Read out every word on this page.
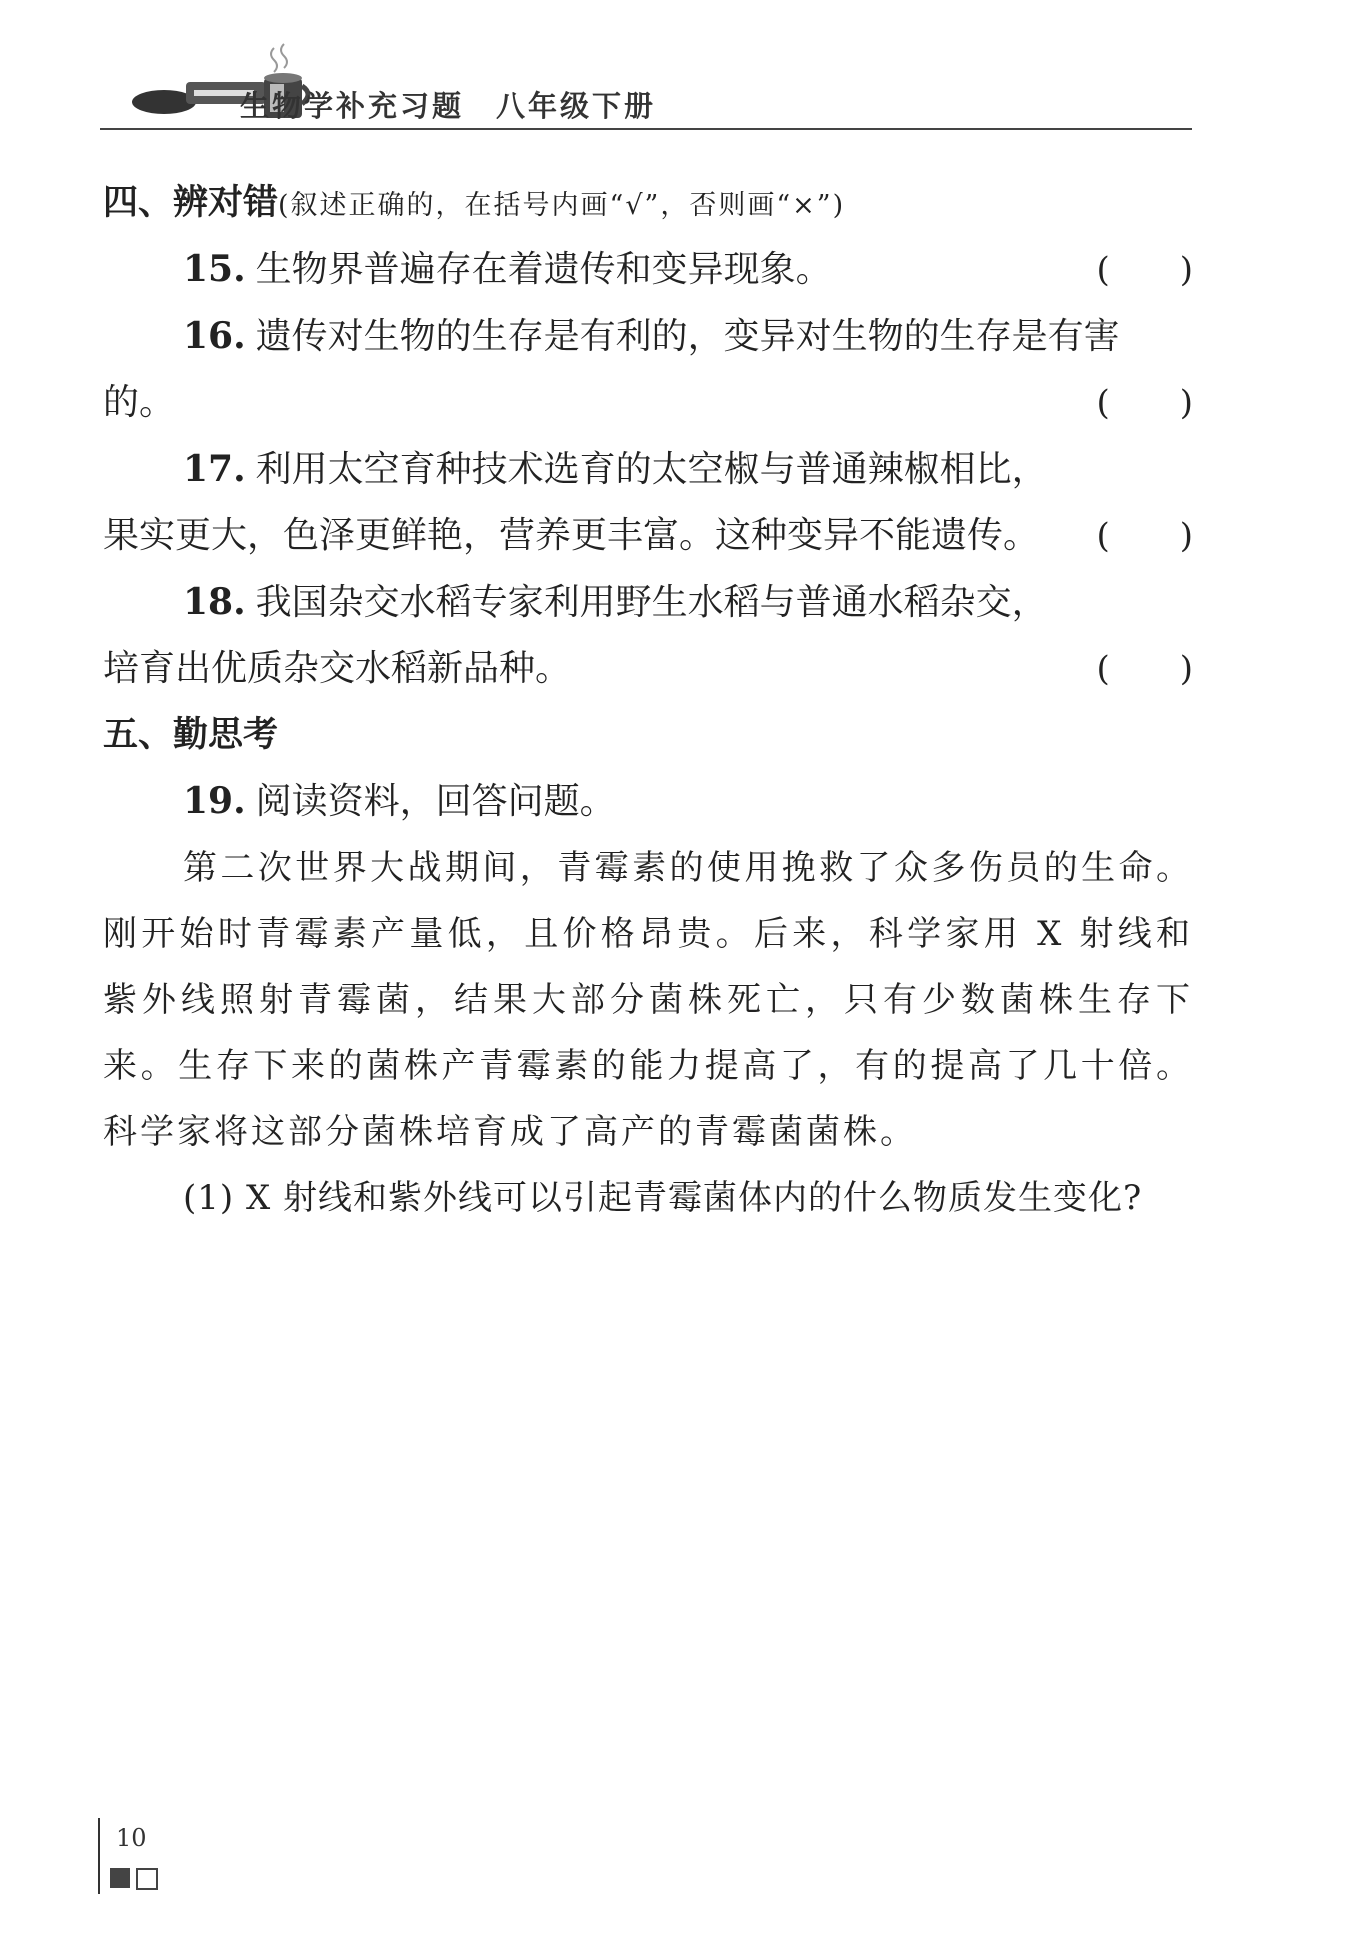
生物学补充习题　八年级下册
四、辨对错(叙述正确的，在括号内画“√”，否则画“×”)

15. 生物界普遍存在着遗传和变异现象。	( )

16. 遗传对生物的生存是有利的，变异对生物的生存是有害的。	( )

17. 利用太空育种技术选育的太空椒与普通辣椒相比，果实更大，色泽更鲜艳，营养更丰富。这种变异不能遗传。	( )

18. 我国杂交水稻专家利用野生水稻与普通水稻杂交，培育出优质杂交水稻新品种。	( )

五、勤思考

19. 阅读资料，回答问题。

第二次世界大战期间，青霉素的使用挽救了众多伤员的生命。刚开始时青霉素产量低，且价格昂贵。后来，科学家用 X 射线和紫外线照射青霉菌，结果大部分菌株死亡，只有少数菌株生存下来。生存下来的菌株产青霉素的能力提高了，有的提高了几十倍。科学家将这部分菌株培育成了高产的青霉菌菌株。

(1) X 射线和紫外线可以引起青霉菌体内的什么物质发生变化?

10
